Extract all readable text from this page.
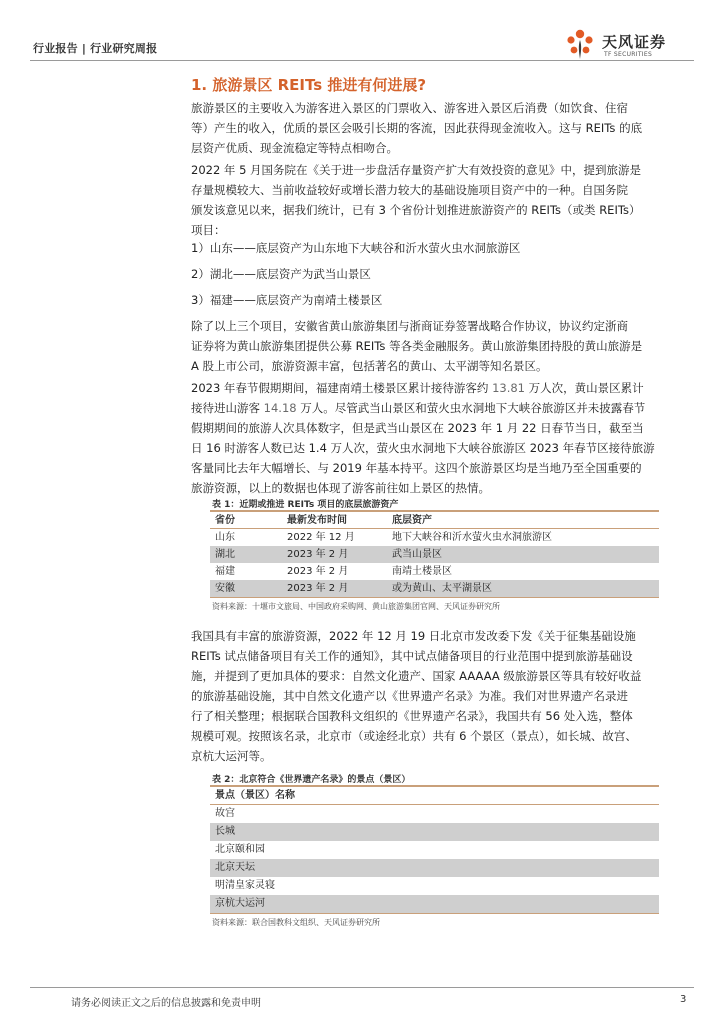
行业报告 | 行业研究周报	天风证券
TF SECURITIES
1. 旅游景区 REITs 推进有何进展?
旅游景区的主要收入为游客进入景区的门票收入、游客进入景区后消费（如饮食、住宿
等）产生的收入，优质的景区会吸引长期的客流，因此获得现金流收入。这与 REITs 的底
层资产优质、现金流稳定等特点相吻合。
2022 年 5 月国务院在《关于进一步盘活存量资产扩大有效投资的意见》中，提到旅游是
存量规模较大、当前收益较好或增长潜力较大的基础设施项目资产中的一种。自国务院
颁发该意见以来，据我们统计，已有 3 个省份计划推进旅游资产的 REITs（或类 REITs）
项目：
1）山东——底层资产为山东地下大峡谷和沂水萤火虫水洞旅游区
2）湖北——底层资产为武当山景区
3）福建——底层资产为南靖土楼景区
除了以上三个项目，安徽省黄山旅游集团与浙商证券签署战略合作协议，协议约定浙商
证券将为黄山旅游集团提供公募 REITs 等各类金融服务。黄山旅游集团持股的黄山旅游是
A 股上市公司，旅游资源丰富，包括著名的黄山、太平湖等知名景区。
2023 年春节假期期间，福建南靖土楼景区累计接待游客约 13.81 万人次，黄山景区累计
接待进山游客 14.18 万人。尽管武当山景区和萤火虫水洞地下大峡谷旅游区并未披露春节
假期期间的旅游人次具体数字，但是武当山景区在 2023 年 1 月 22 日春节当日，截至当
日 16 时游客人数已达 1.4 万人次，萤火虫水洞地下大峡谷旅游区 2023 年春节区接待旅游
客量同比去年大幅增长、与 2019 年基本持平。这四个旅游景区均是当地乃至全国重要的
旅游资源，以上的数据也体现了游客前往如上景区的热情。
表 1：近期或推进 REITs 项目的底层旅游资产
省份	最新发布时间	底层资产
山东	2022 年 12 月	地下大峡谷和沂水萤火虫水洞旅游区
湖北	2023 年 2 月	武当山景区
福建	2023 年 2 月	南靖土楼景区
安徽	2023 年 2 月	或为黄山、太平湖景区
资料来源：十堰市文旅局、中国政府采购网、黄山旅游集团官网、天风证券研究所
我国具有丰富的旅游资源，2022 年 12 月 19 日北京市发改委下发《关于征集基础设施
REITs 试点储备项目有关工作的通知》，其中试点储备项目的行业范围中提到旅游基础设
施，并提到了更加具体的要求：自然文化遗产、国家 AAAAA 级旅游景区等具有较好收益
的旅游基础设施，其中自然文化遗产以《世界遗产名录》为准。我们对世界遗产名录进
行了相关整理；根据联合国教科文组织的《世界遗产名录》，我国共有 56 处入选，整体
规模可观。按照该名录，北京市（或途经北京）共有 6 个景区（景点），如长城、故宫、
京杭大运河等。
表 2：北京符合《世界遗产名录》的景点（景区）
景点（景区）名称
故宫
长城
北京颐和园
北京天坛
明清皇家灵寝
京杭大运河
资料来源：联合国教科文组织、天风证券研究所
请务必阅读正文之后的信息披露和免责申明	3
